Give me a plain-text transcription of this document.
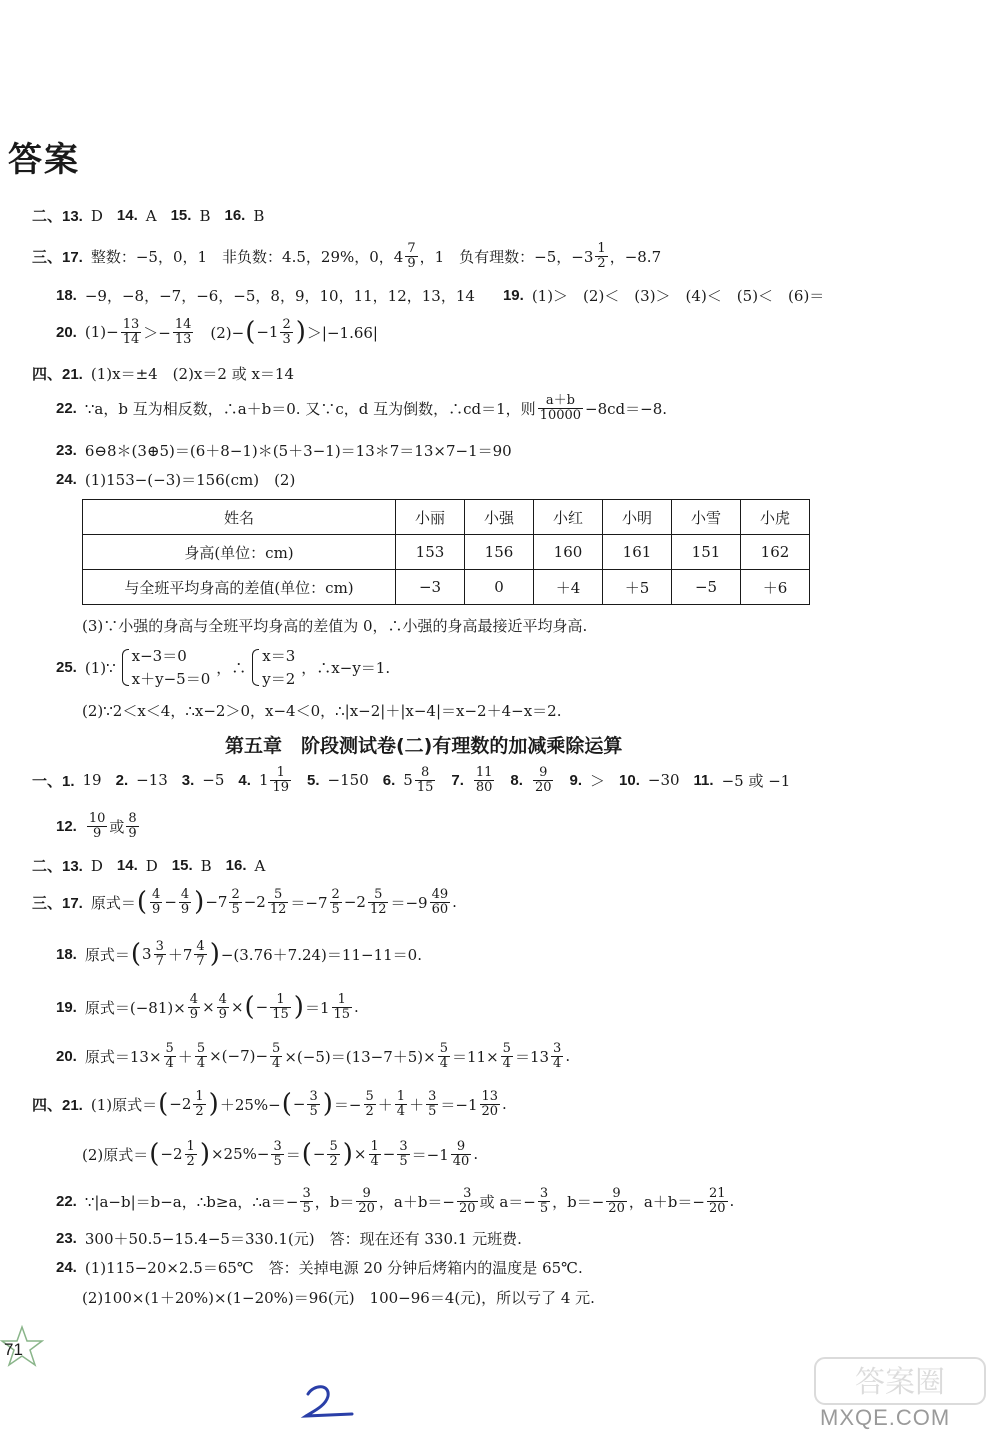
答案
二、13. D 14. A 15. B 16. B
三、17. 整数：−5，0，1　非负数：4.5，29%，0，$4 \frac{7}{9}$ ，1　负有理数：−5，$-3 \frac{1}{2}$ ，−8.7
18. −9，−8，−7，−6，−5，8，9，10，11，12，13，14 19. (1)＞　(2)＜　(3)＞　(4)＜　(5)＜　(6)＝
20. $(1)- \frac{13}{14} >- \frac{14}{13}$ 　(2)− ( $-1 \frac{2}{3}$ ) ＞|−1.66|
四、21. (1)x＝±4　(2)x＝2 或 x＝14
22. ∵a，b 互为相反数，∴a＋b＝0. 又∵c，d 互为倒数，∴cd＝1，则 $\frac{a+b}{10000} -8cd=-8$.
23. 6⊖8＊(3⊕5)＝(6＋8−1)＊(5＋3−1)＝13＊7＝13×7−1＝90
24. (1)153−(−3)＝156(cm)　(2)
姓名	小丽	小强	小红	小明	小雪	小虎
身高(单位：cm)	153	156	160	161	151	162
与全班平均身高的差值(单位：cm)	−3	0	＋4	＋5	−5	＋6
(3)∵小强的身高与全班平均身高的差值为 0，∴小强的身高最接近平均身高.
25. (1)∵
x−3＝0
x＋y−5＝0
，∴
x＝3
y＝2
，∴x−y＝1.
(2)∵2＜x＜4，∴x−2＞0，x−4＜0，∴|x−2|＋|x−4|＝x−2＋4−x＝2.
第五章　阶段测试卷(二)有理数的加减乘除运算
一、1. 19 2. −13 3. −5 4. $1 \frac{1}{19} 5$. −150 6. $5 \frac{8}{15} 7$. $\frac{11}{80} 8$. $\frac{9}{20} 9$. ＞ 10. −30 11. −5 或 −1
12. $\frac{10}{9}$ 或 $\frac{8}{9}$
二、13. D 14. D 15. B 16. A
三、17. 原式＝ ( $\frac{4}{9} - \frac{4}{9}$ ) $-7 \frac{2}{5} -2 \frac{5}{12} =-7 \frac{2}{5} -2 \frac{5}{12} =-9 \frac{49}{60}$ .
18. 原式＝ ( $3 \frac{3}{7} +7 \frac{4}{7}$ ) −(3.76＋7.24)＝11−11＝0.
19. 原式$=(-81)\times \frac{4}{9} \times \frac{4}{9}$ × ( − $\frac{1}{15}$ ) $=1 \frac{1}{15}$ .
20. 原式$=13\times \frac{5}{4} + \frac{5}{4} \times(-7)- \frac{5}{4} \times(-5)=(13-7+5)\times \frac{5}{4} =11\times \frac{5}{4} =13 \frac{3}{4}$ .
四、21. (1)原式＝ ( $-2 \frac{1}{2}$ ) ＋25%− ( − $\frac{3}{5}$ ) ＝− $\frac{5}{2} + \frac{1}{4} + \frac{3}{5} =-1 \frac{13}{20}$ .
(2)原式＝ ( $-2 \frac{1}{2}$ ) $\times 25\%- \frac{3}{5}$ ＝ ( − $\frac{5}{2}$ ) × $\frac{1}{4} - \frac{3}{5} =-1 \frac{9}{40}$ .
22. ∵|a−b|＝b−a，∴b≥a，∴a＝− $\frac{3}{5}$ ，$b= \frac{9}{20}$ ，$a+b=- \frac{3}{20}$ 或 $a=- \frac{3}{5}$ ，$b=- \frac{9}{20}$ ，$a+b=- \frac{21}{20}$ .
23. 300＋50.5−15.4−5＝330.1(元)　答：现在还有 330.1 元班费.
24. (1)115−20×2.5＝65℃　答：关掉电源 20 分钟后烤箱内的温度是 65℃.
(2)100×(1＋20%)×(1−20%)＝96(元)　100−96＝4(元)，所以亏了 4 元.
71
答案圈
MXQE.COM
